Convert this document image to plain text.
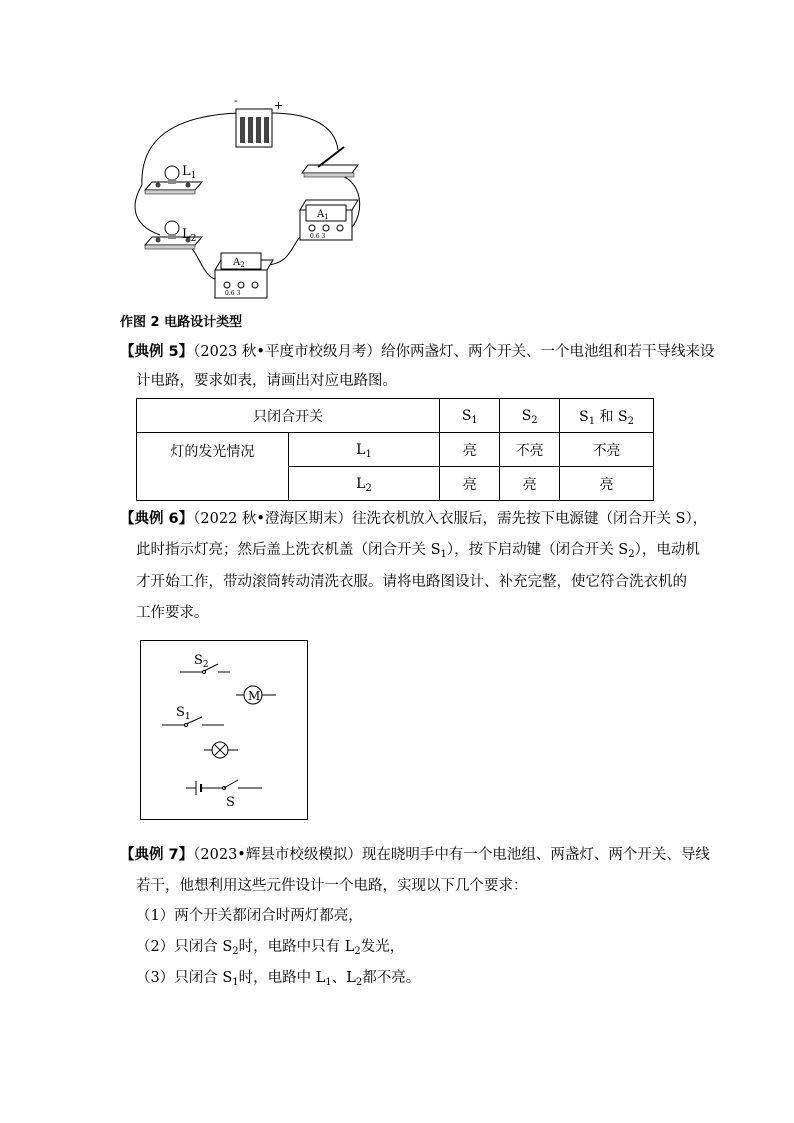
-	+
$A_1$
0.6 3
$A_2$
0.6 3
$L_1$
$L_2$
作图 2 电路设计类型
【典例 5】（2023 秋•平度市校级月考）给你两盏灯、两个开关、一个电池组和若干导线来设
计电路，要求如表，请画出对应电路图。
只闭合开关		$S_1$	$S_2$	$S_1$ 和 $S_2$
灯的发光情况	$L_1$	亮	不亮	不亮
	$L_2$	亮	亮	亮
【典例 6】（2022 秋•澄海区期末）往洗衣机放入衣服后，需先按下电源键（闭合开关 S），
此时指示灯亮；然后盖上洗衣机盖（闭合开关 $S_1$），按下启动键（闭合开关 $S_2$），电动机
才开始工作，带动滚筒转动清洗衣服。请将电路图设计、补充完整，使它符合洗衣机的
工作要求。
$S_2$
M
$S_1$
S
【典例 7】（2023•辉县市校级模拟）现在晓明手中有一个电池组、两盏灯、两个开关、导线
若干，他想利用这些元件设计一个电路，实现以下几个要求：
（1）两个开关都闭合时两灯都亮，
（2）只闭合 $S_2$时，电路中只有 $L_2$发光，
（3）只闭合 $S_1$时，电路中 $L_1$、$L_2$都不亮。
